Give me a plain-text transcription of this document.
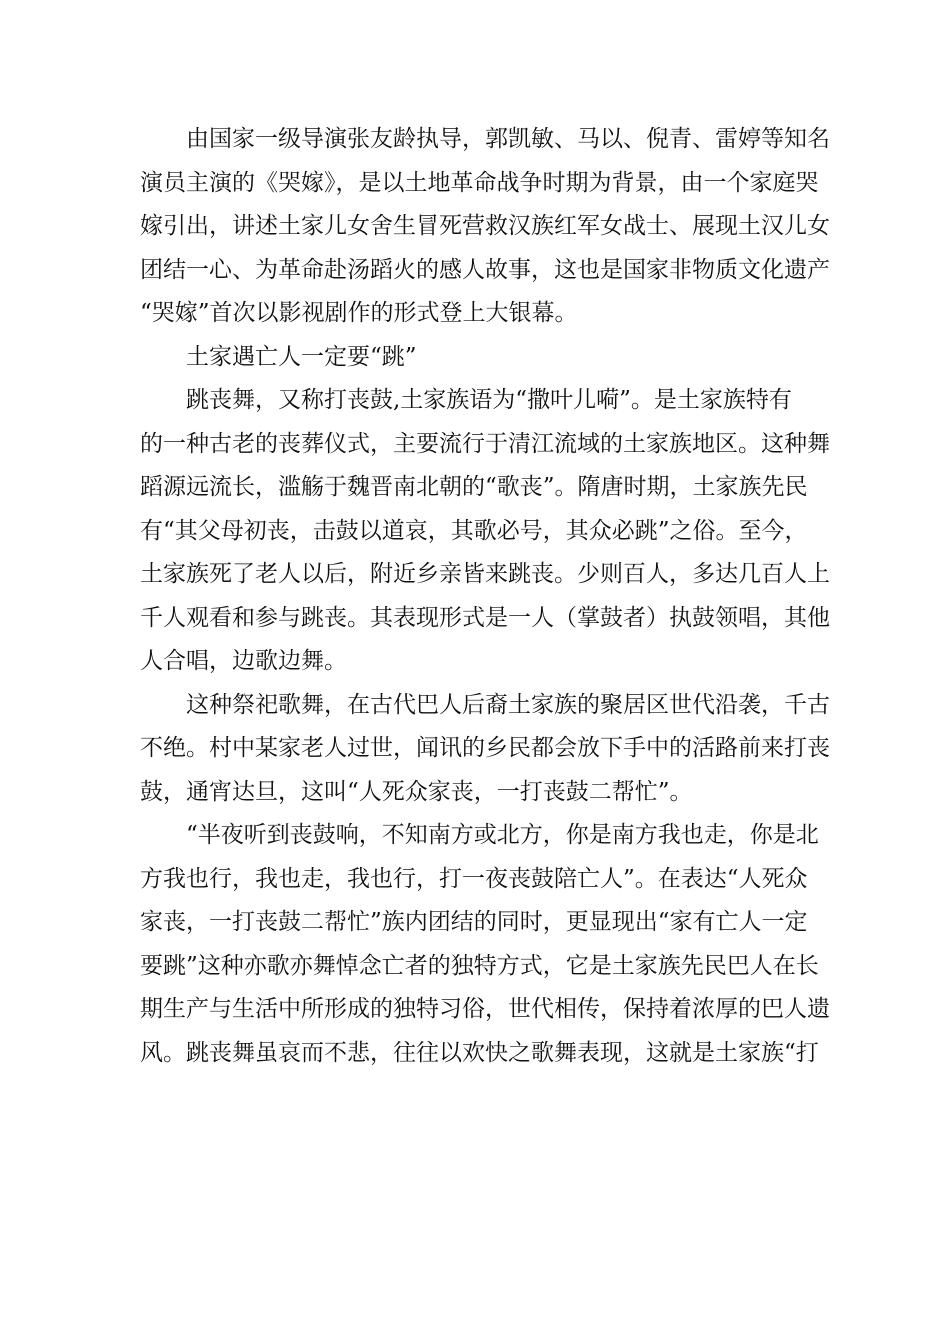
由国家一级导演张友龄执导，郭凯敏、马以、倪青、雷婷等知名
演员主演的《哭嫁》，是以土地革命战争时期为背景，由一个家庭哭
嫁引出，讲述土家儿女舍生冒死营救汉族红军女战士、展现土汉儿女
团结一心、为革命赴汤蹈火的感人故事，这也是国家非物质文化遗产
“哭嫁”首次以影视剧作的形式登上大银幕。

土家遇亡人一定要“跳”

跳丧舞，又称打丧鼓,土家族语为“撒叶儿嗬”。是土家族特有
的一种古老的丧葬仪式，主要流行于清江流域的土家族地区。这种舞
蹈源远流长，滥觞于魏晋南北朝的“歌丧”。隋唐时期，土家族先民
有“其父母初丧，击鼓以道哀，其歌必号，其众必跳”之俗。至今，
土家族死了老人以后，附近乡亲皆来跳丧。少则百人，多达几百人上
千人观看和参与跳丧。其表现形式是一人（掌鼓者）执鼓领唱，其他
人合唱，边歌边舞。

这种祭祀歌舞，在古代巴人后裔土家族的聚居区世代沿袭，千古
不绝。村中某家老人过世，闻讯的乡民都会放下手中的活路前来打丧
鼓，通宵达旦，这叫“人死众家丧，一打丧鼓二帮忙”。

“半夜听到丧鼓响，不知南方或北方，你是南方我也走，你是北
方我也行，我也走，我也行，打一夜丧鼓陪亡人”。在表达“人死众
家丧，一打丧鼓二帮忙”族内团结的同时，更显现出“家有亡人一定
要跳”这种亦歌亦舞悼念亡者的独特方式，它是土家族先民巴人在长
期生产与生活中所形成的独特习俗，世代相传，保持着浓厚的巴人遗
风。跳丧舞虽哀而不悲，往往以欢快之歌舞表现，这就是土家族“打
